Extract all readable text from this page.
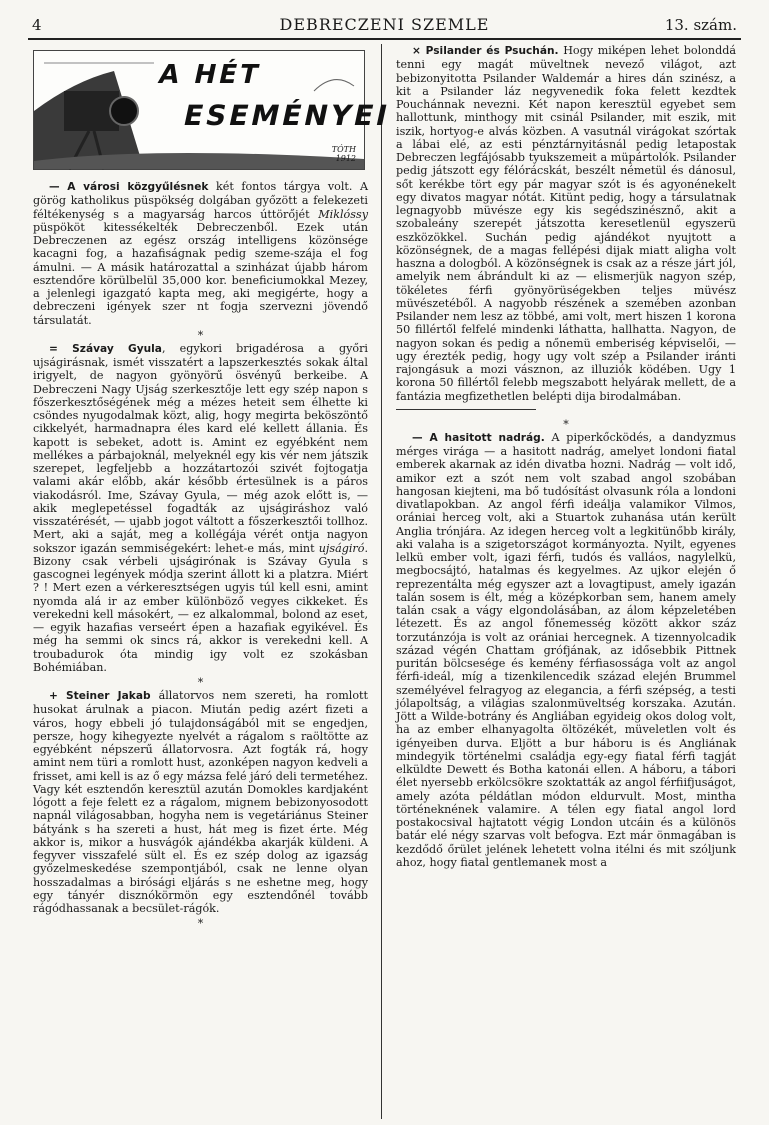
4	DEBRECZENI SZEMLE	13. szám.
A HÉT
ESEMÉNYEI
TÓTH
1912

— A városi közgyűlésnek két fontos tárgya volt. A görög katholikus püspökség dolgában győzött a felekezeti féltékenység s a magyarság harcos úttörőjét Miklóssy püspököt kitessékelték Debreczenből. Ezek után Debreczenen az egész ország intelligens közönsége kacagni fog, a hazafiságnak pedig szeme-szája el fog ámulni. — A másik határozattal a szinházat újabb három esztendőre körülbelül 35,000 kor. beneficiumokkal Mezey, a jelenlegi igazgató kapta meg, aki megigérte, hogy a debreczeni igények szer nt fogja szervezni jövendő társulatát.

*

= Szávay Gyula, egykori brigadérosa a győri ujságirásnak, ismét visszatért a lapszerkesztés sokak által irigyelt, de nagyon gyönyörű ösvényű berkeibe. A Debreczeni Nagy Ujság szerkesztője lett egy szép napon s főszerkesztőségének még a mézes heteit sem élhette ki csöndes nyugodalmak közt, alig, hogy megirta beköszöntő cikkelyét, harmadnapra éles kard elé kellett állania. És kapott is sebeket, adott is. Amint ez egyébként nem mellékes a párbajoknál, melyeknél egy kis vér nem játszik szerepet, legfeljebb a hozzátartozói szivét fojtogatja valami akár előbb, akár később értesülnek is a páros viakodásról. Ime, Szávay Gyula, — még azok előtt is, — akik meglepetéssel fogadták az ujságiráshoz való visszatérését, — ujabb jogot váltott a főszerkesztői tollhoz. Mert, aki a saját, meg a kollégája vérét ontja nagyon sokszor igazán semmiségekért: lehet-e más, mint ujságiró. Bizony csak vérbeli ujságirónak is Szávay Gyula s gascognei legények módja szerint állott ki a platzra. Miért ? ! Mert ezen a vérkeresztségen ugyis túl kell esni, amint nyomda alá ir az ember különböző vegyes cikkeket. És verekedni kell másokért, — ez alkalommal, bolond az eset, — egyik hazafias verseért épen a hazafiak egyikével. És még ha semmi ok sincs rá, akkor is verekedni kell. A troubadurok óta mindig igy volt ez szokásban Bohémiában.

*

+ Steiner Jakab állatorvos nem szereti, ha romlott husokat árulnak a piacon. Miután pedig azért fizeti a város, hogy ebbeli jó tulajdonságából mit se engedjen, persze, hogy kihegyezte nyelvét a rágalom s raöltötte az egyébként népszerű állatorvosra. Azt fogták rá, hogy amint nem türi a romlott hust, azonképen nagyon kedveli a frisset, ami kell is az ő egy mázsa felé járó deli termetéhez. Vagy két esztendőn keresztül azután Domokles kardjaként lógott a feje felett ez a rágalom, mignem bebizonyosodott napnál világosabban, hogyha nem is vegetáriánus Steiner bátyánk s ha szereti a hust, hát meg is fizet érte. Még akkor is, mikor a husvágók ajándékba akarják küldeni. A fegyver visszafelé sült el. És ez szép dolog az igazság győzelmeskedése szempontjából, csak ne lenne olyan hosszadalmas a birósági eljárás s ne eshetne meg, hogy egy tányér disznókörmön egy esztendőnél tovább rágódhassanak a becsület-rágók.

*

× Psilander és Psuchán. Hogy miképen lehet bolonddá tenni egy magát müveltnek nevező világot, azt bebizonyitotta Psilander Waldemár a hires dán szinész, a kit a Psilander láz negyvenedik foka felett kezdtek Pouchánnak nevezni. Két napon keresztül egyebet sem hallottunk, minthogy mit csinál Psilander, mit eszik, mit iszik, hortyog-e alvás közben. A vasutnál virágokat szórtak a lábai elé, az esti pénztárnyitásnál pedig letapostak Debreczen legfájósabb tyukszemeit a müpártolók. Psilander pedig játszott egy félórácskát, beszélt németül és dánosul, sőt kerékbe tört egy pár magyar szót is és agyonénekelt egy divatos magyar nótát. Kitünt pedig, hogy a társulatnak legnagyobb müvésze egy kis segédszinésznő, akit a szobaleány szerepét játszotta keresetlenül egyszerü eszközökkel. Suchán pedig ajándékot nyujtott a közönségnek, de a magas fellépési dijak miatt aligha volt haszna a dologból. A közönségnek is csak az a része járt jól, amelyik nem ábrándult ki az — elismerjük nagyon szép, tökéletes férfi gyönyörüségekben teljes müvész müvészetéből. A nagyobb részének a szemében azonban Psilander nem lesz az többé, ami volt, mert hiszen 1 korona 50 fillértől felfelé mindenki láthatta, hallhatta. Nagyon, de nagyon sokan és pedig a nőnemü emberiség képviselői, — ugy érezték pedig, hogy ugy volt szép a Psilander iránti rajongásuk a mozi vásznon, az illuziók ködében. Ugy 1 korona 50 fillértől felebb megszabott helyárak mellett, de a fantázia megfizethetlen belépti dija birodalmában.

*

— A hasitott nadrág. A piperkőcködés, a dandyzmus mérges virága — a hasitott nadrág, amelyet londoni fiatal emberek akarnak az idén divatba hozni. Nadrág — volt idő, amikor ezt a szót nem volt szabad angol szobában hangosan kiejteni, ma bő tudósítást olvasunk róla a londoni divatlapokban. Az angol férfi ideálja valamikor Vilmos, orániai herceg volt, aki a Stuartok zuhanása után került Anglia trónjára. Az idegen herceg volt a legkitünőbb király, aki valaha is a szigetországot kormányozta. Nyilt, egyenes lelkü ember volt, igazi férfi, tudós és valláos, nagylelkü, megbocsájtó, hatalmas és kegyelmes. Az ujkor elején ő reprezentálta még egyszer azt a lovagtipust, amely igazán talán sosem is élt, még a középkorban sem, hanem amely talán csak a vágy elgondolásában, az álom képzeletében létezett. És az angol főnemesség között akkor száz torzutánzója is volt az orániai hercegnek. A tizennyolcadik század végén Chattam grófjának, az idősebbik Pittnek puritán bölcsesége és kemény férfiasossága volt az angol férfi-ideál, míg a tizenkilencedik század elején Brummel személyével felragyog az elegancia, a férfi szépség, a testi jólapoltság, a világias szalonmüveltség korszaka. Azután. Jött a Wilde-botrány és Angliában egyideig okos dolog volt, ha az ember elhanyagolta öltözékét, müveletlen volt és igényeiben durva. Eljött a bur háboru is és Angliának mindegyik történelmi családja egy-egy fiatal férfi tagját elküldte Dewett és Botha katonái ellen. A háboru, a tábori élet nyersebb erkölcsökre szoktatták az angol férfiifjuságot, amely azóta példátlan módon eldurvult. Most, mintha történeknének valamire. A télen egy fiatal angol lord postakocsival hajtatott végig London utcáin és a különös batár elé négy szarvas volt befogva. Ezt már önmagában is kezdődő őrület jelének lehetett volna itélni és mit szóljunk ahoz, hogy fiatal gentlemanek most a
